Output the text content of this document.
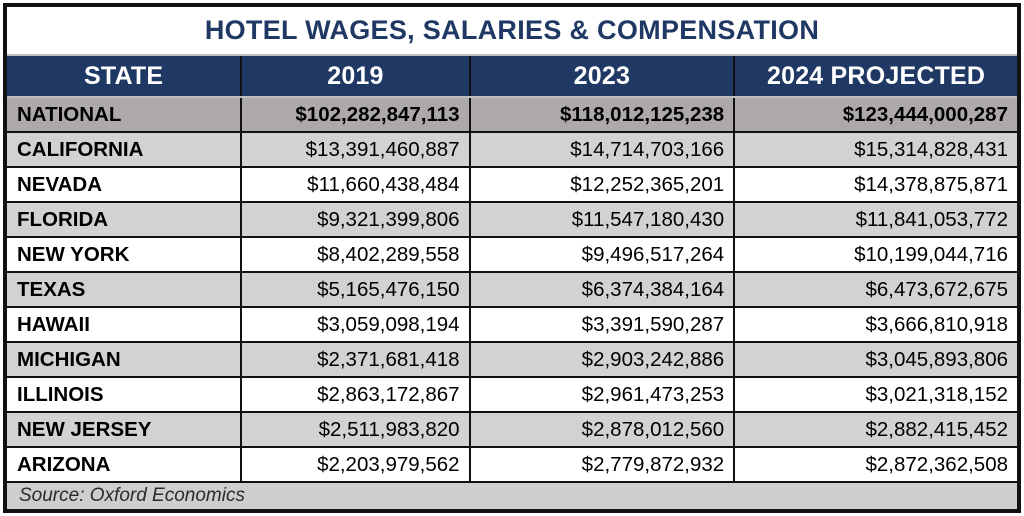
HOTEL WAGES, SALARIES & COMPENSATION
STATE	2019	2023	2024 PROJECTED
NATIONAL	$102,282,847,113	$118,012,125,238	$123,444,000,287
CALIFORNIA	$13,391,460,887	$14,714,703,166	$15,314,828,431
NEVADA	$11,660,438,484	$12,252,365,201	$14,378,875,871
FLORIDA	$9,321,399,806	$11,547,180,430	$11,841,053,772
NEW YORK	$8,402,289,558	$9,496,517,264	$10,199,044,716
TEXAS	$5,165,476,150	$6,374,384,164	$6,473,672,675
HAWAII	$3,059,098,194	$3,391,590,287	$3,666,810,918
MICHIGAN	$2,371,681,418	$2,903,242,886	$3,045,893,806
ILLINOIS	$2,863,172,867	$2,961,473,253	$3,021,318,152
NEW JERSEY	$2,511,983,820	$2,878,012,560	$2,882,415,452
ARIZONA	$2,203,979,562	$2,779,872,932	$2,872,362,508
Source: Oxford Economics			
